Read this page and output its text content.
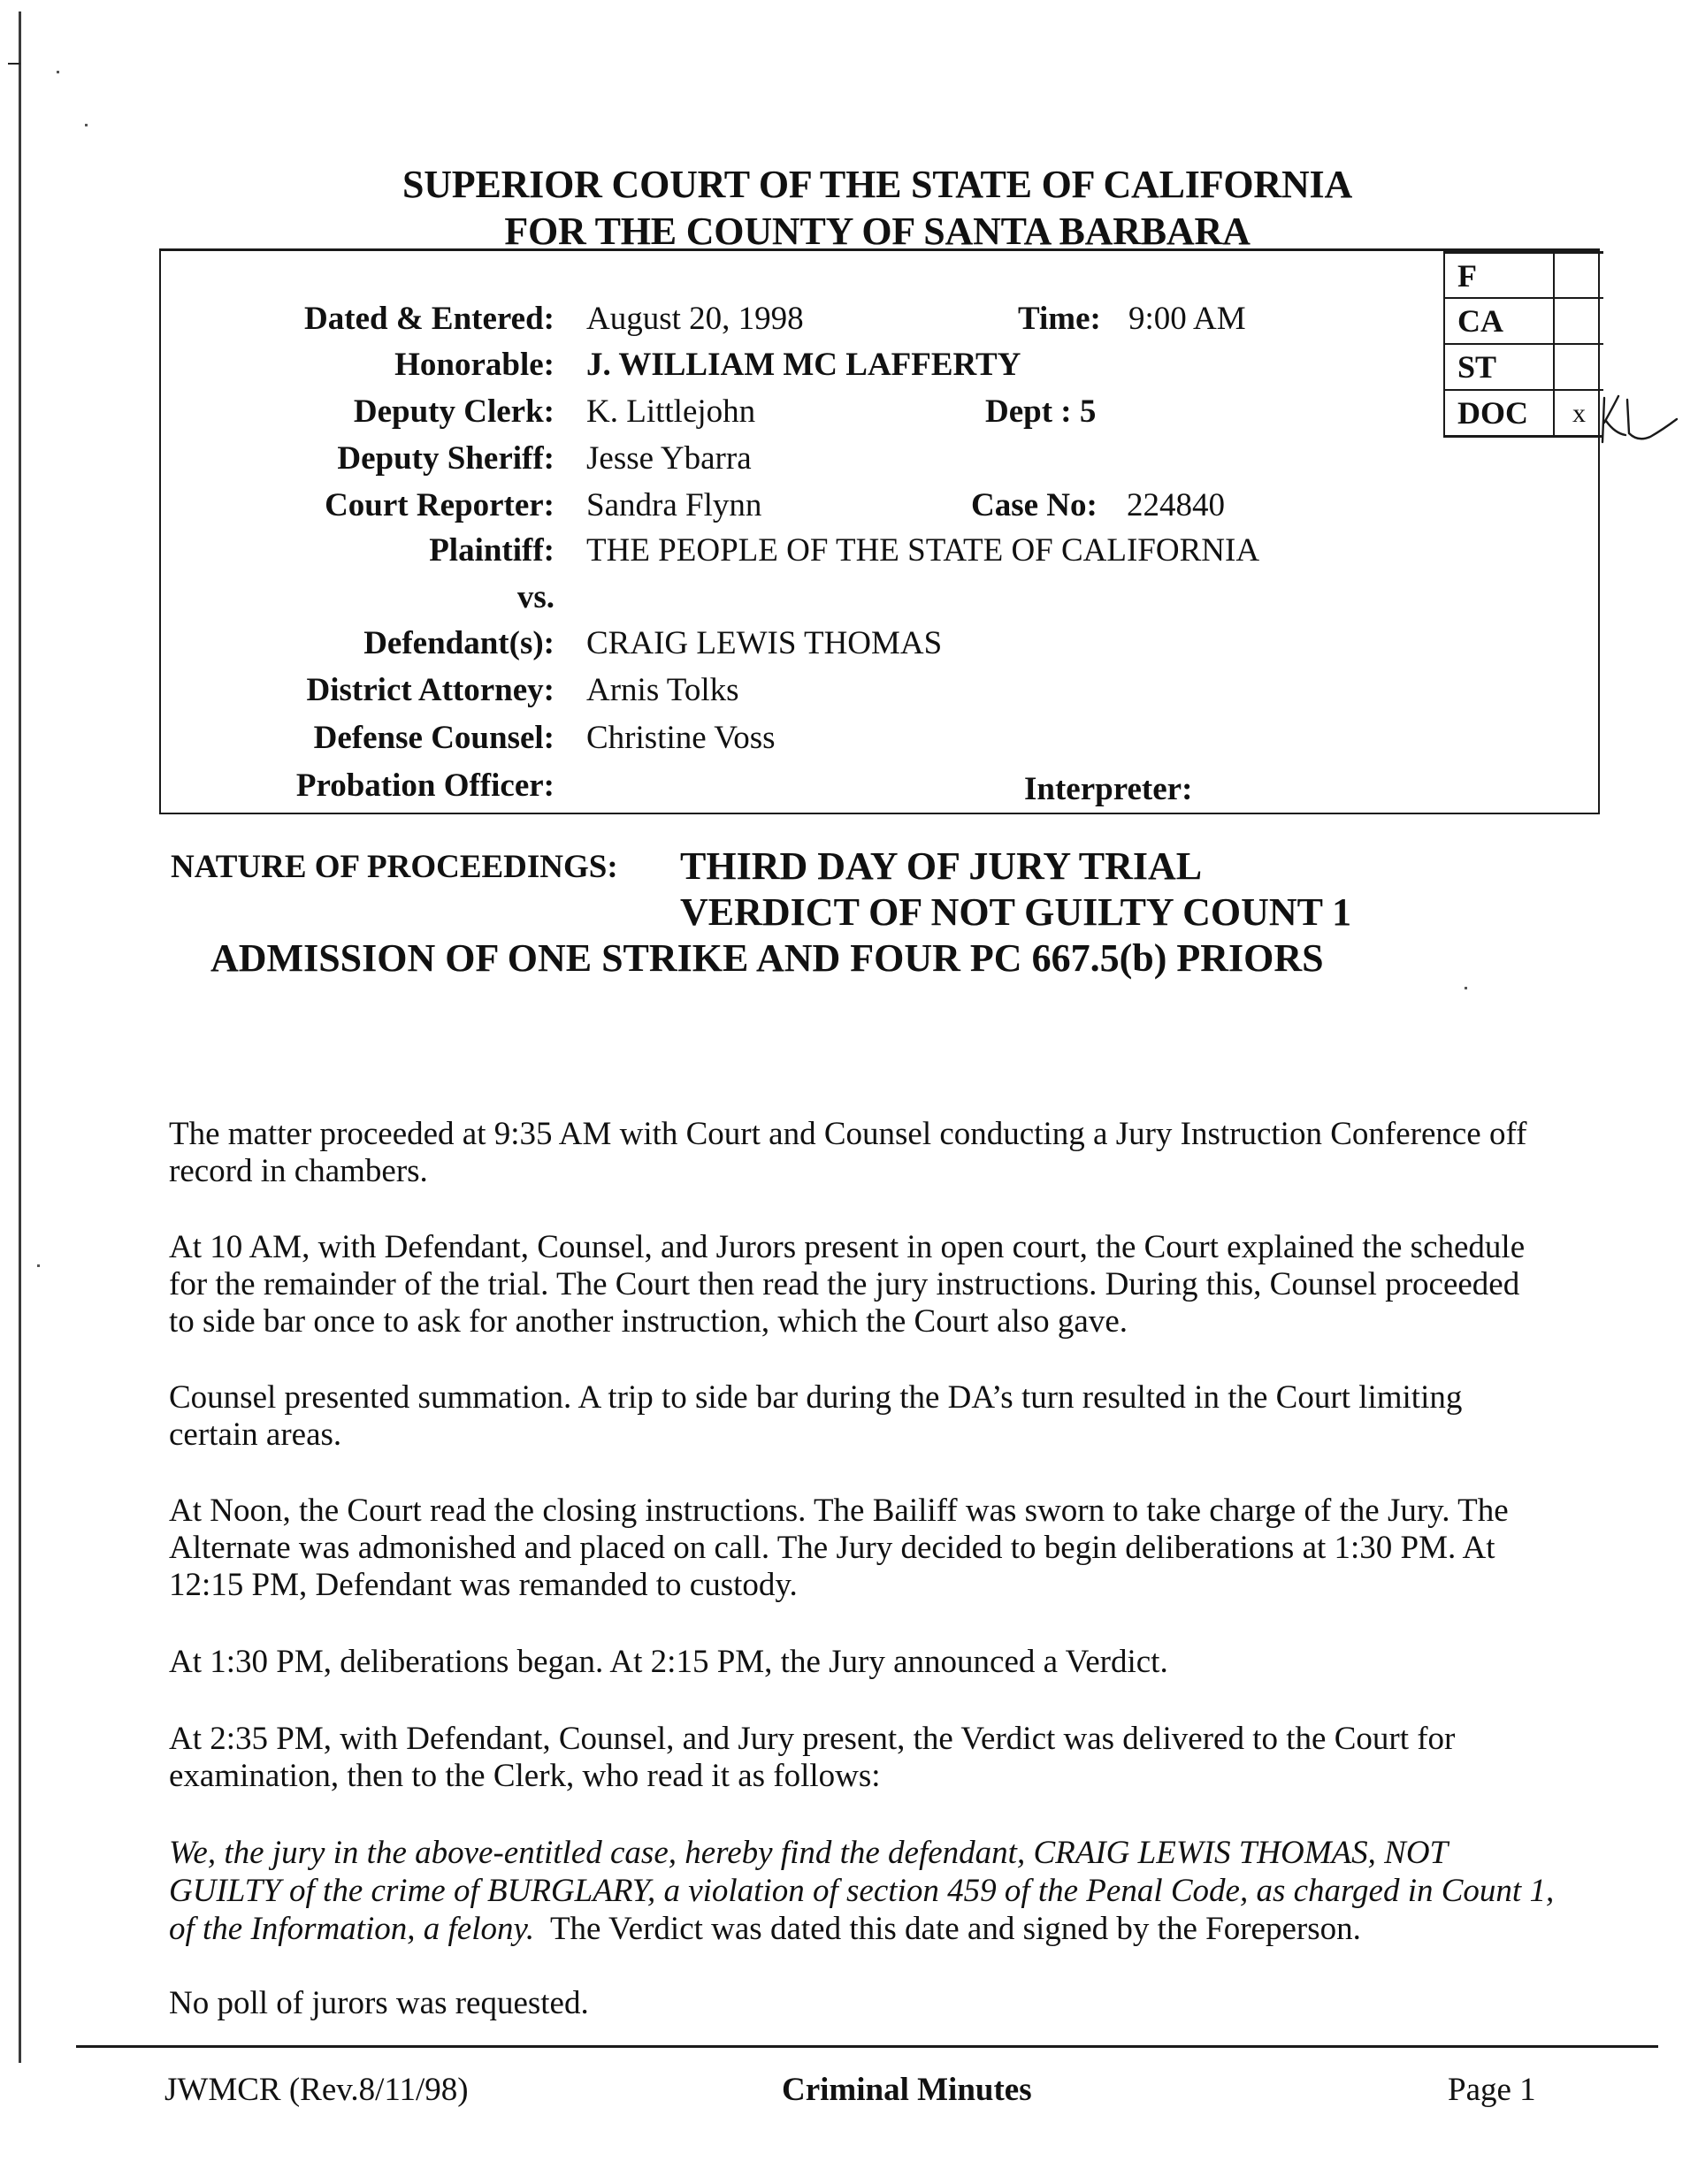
SUPERIOR COURT OF THE STATE OF CALIFORNIA
FOR THE COUNTY OF SANTA BARBARA
Dated & Entered: August 20, 1998	Time: 9:00 AM
Honorable: J. WILLIAM MC LAFFERTY
Deputy Clerk: K. Littlejohn	Dept : 5
Deputy Sheriff: Jesse Ybarra
Court Reporter: Sandra Flynn	Case No: 224840
Plaintiff: THE PEOPLE OF THE STATE OF CALIFORNIA
vs.
Defendant(s): CRAIG LEWIS THOMAS
District Attorney: Arnis Tolks
Defense Counsel: Christine Voss
Probation Officer:	Interpreter:
F
CA
ST
DOC	x
NATURE OF PROCEEDINGS: THIRD DAY OF JURY TRIAL
VERDICT OF NOT GUILTY COUNT 1
ADMISSION OF ONE STRIKE AND FOUR PC 667.5(b) PRIORS
The matter proceeded at 9:35 AM with Court and Counsel conducting a Jury Instruction Conference off
record in chambers.
At 10 AM, with Defendant, Counsel, and Jurors present in open court, the Court explained the schedule
for the remainder of the trial. The Court then read the jury instructions. During this, Counsel proceeded
to side bar once to ask for another instruction, which the Court also gave.
Counsel presented summation. A trip to side bar during the DA’s turn resulted in the Court limiting
certain areas.
At Noon, the Court read the closing instructions. The Bailiff was sworn to take charge of the Jury. The
Alternate was admonished and placed on call. The Jury decided to begin deliberations at 1:30 PM. At
12:15 PM, Defendant was remanded to custody.
At 1:30 PM, deliberations began. At 2:15 PM, the Jury announced a Verdict.
At 2:35 PM, with Defendant, Counsel, and Jury present, the Verdict was delivered to the Court for
examination, then to the Clerk, who read it as follows:
We, the jury in the above-entitled case, hereby find the defendant, CRAIG LEWIS THOMAS, NOT
GUILTY of the crime of BURGLARY, a violation of section 459 of the Penal Code, as charged in Count 1,
of the Information, a felony.  The Verdict was dated this date and signed by the Foreperson.
No poll of jurors was requested.
JWMCR (Rev.8/11/98)	Criminal Minutes	Page 1
